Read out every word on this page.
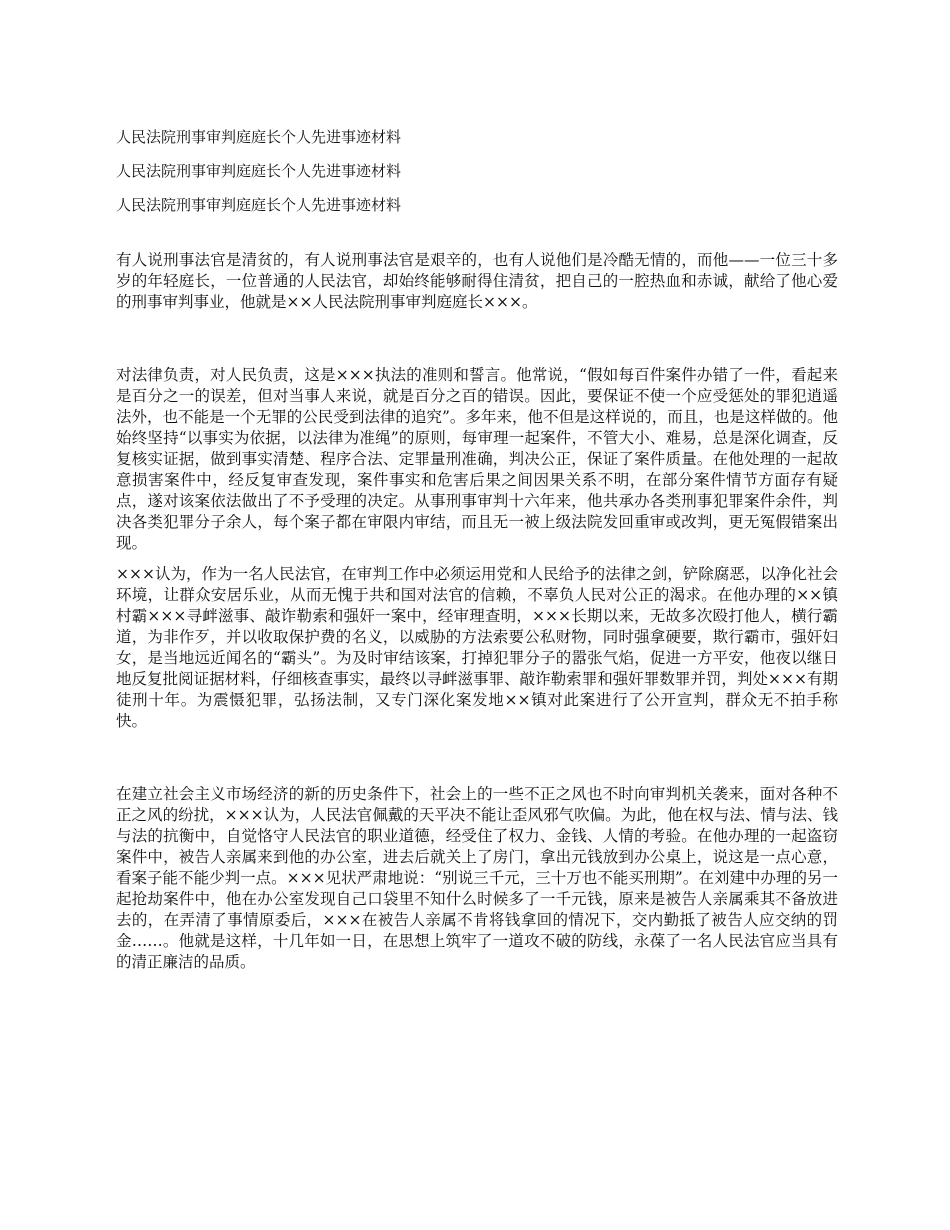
人民法院刑事审判庭庭长个人先进事迹材料
人民法院刑事审判庭庭长个人先进事迹材料
人民法院刑事审判庭庭长个人先进事迹材料

有人说刑事法官是清贫的，有人说刑事法官是艰辛的，也有人说他们是冷酷无情的，而他——一位三十多岁的年轻庭长，一位普通的人民法官，却始终能够耐得住清贫，把自己的一腔热血和赤诚，献给了他心爱的刑事审判事业，他就是××人民法院刑事审判庭庭长×××。

对法律负责，对人民负责，这是×××执法的准则和誓言。他常说，“假如每百件案件办错了一件，看起来是百分之一的误差，但对当事人来说，就是百分之百的错误。因此，要保证不使一个应受惩处的罪犯逍遥法外，也不能是一个无罪的公民受到法律的追究”。多年来，他不但是这样说的，而且，也是这样做的。他始终坚持“以事实为依据，以法律为准绳”的原则，每审理一起案件，不管大小、难易，总是深化调查，反复核实证据，做到事实清楚、程序合法、定罪量刑准确，判决公正，保证了案件质量。在他处理的一起故意损害案件中，经反复审查发现，案件事实和危害后果之间因果关系不明，在部分案件情节方面存有疑点，遂对该案依法做出了不予受理的决定。从事刑事审判十六年来，他共承办各类刑事犯罪案件余件，判决各类犯罪分子余人，每个案子都在审限内审结，而且无一被上级法院发回重审或改判，更无冤假错案出现。

×××认为，作为一名人民法官，在审判工作中必须运用党和人民给予的法律之剑，铲除腐恶，以净化社会环境，让群众安居乐业，从而无愧于共和国对法官的信赖，不辜负人民对公正的渴求。在他办理的××镇村霸×××寻衅滋事、敲诈勒索和强奸一案中，经审理查明，×××长期以来，无故多次殴打他人，横行霸道，为非作歹，并以收取保护费的名义，以威胁的方法索要公私财物，同时强拿硬要，欺行霸市，强奸妇女，是当地远近闻名的“霸头”。为及时审结该案，打掉犯罪分子的嚣张气焰，促进一方平安，他夜以继日地反复批阅证据材料，仔细核查事实，最终以寻衅滋事罪、敲诈勒索罪和强奸罪数罪并罚，判处×××有期徒刑十年。为震慑犯罪，弘扬法制，又专门深化案发地××镇对此案进行了公开宣判，群众无不拍手称快。

在建立社会主义市场经济的新的历史条件下，社会上的一些不正之风也不时向审判机关袭来，面对各种不正之风的纷扰，×××认为，人民法官佩戴的天平决不能让歪风邪气吹偏。为此，他在权与法、情与法、钱与法的抗衡中，自觉恪守人民法官的职业道德，经受住了权力、金钱、人情的考验。在他办理的一起盗窃案件中，被告人亲属来到他的办公室，进去后就关上了房门，拿出元钱放到办公桌上，说这是一点心意，看案子能不能少判一点。×××见状严肃地说：“别说三千元，三十万也不能买刑期”。在刘建中办理的另一起抢劫案件中，他在办公室发现自己口袋里不知什么时候多了一千元钱，原来是被告人亲属乘其不备放进去的，在弄清了事情原委后，×××在被告人亲属不肯将钱拿回的情况下，交内勤抵了被告人应交纳的罚金……。他就是这样，十几年如一日，在思想上筑牢了一道攻不破的防线，永葆了一名人民法官应当具有的清正廉洁的品质。
